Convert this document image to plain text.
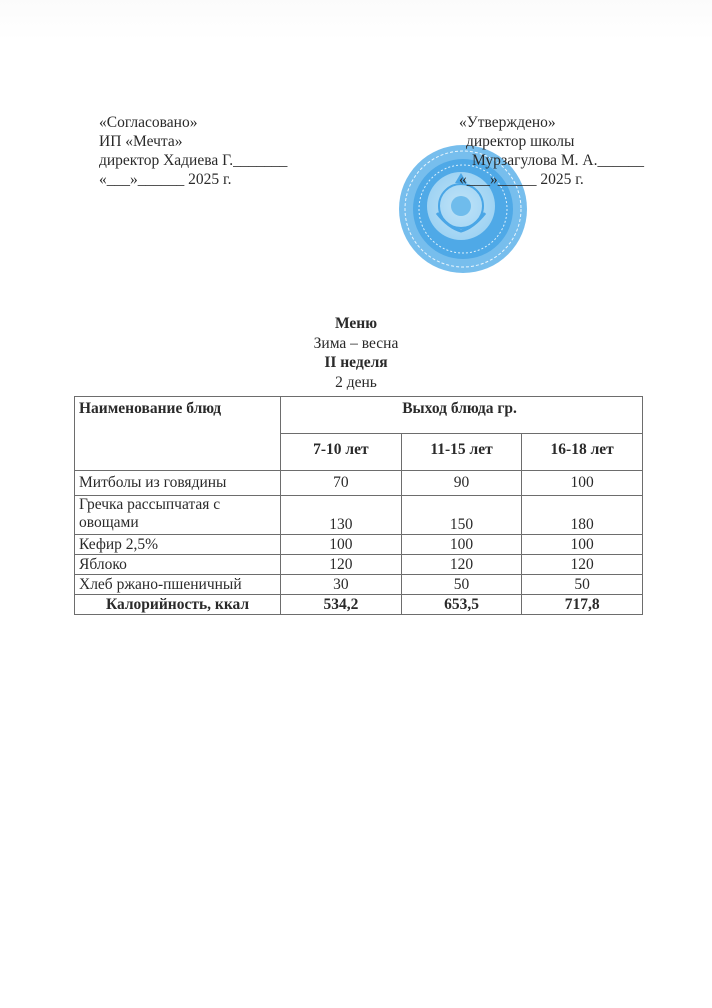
«Согласовано»
ИП «Мечта»
директор Хадиева Г._______
«___»______ 2025 г.
«Утверждено»
директор школы
Мурзагулова М. А.______
«___»_____ 2025 г.
Меню
Зима – весна
II неделя
2 день
Наименование блюд	Выход блюда гр.		
	7-10 лет	11-15 лет	16-18 лет
Митболы из говядины	70	90	100

Гречка рассыпчатая с
овощами	130	150	180
Кефир 2,5%	100	100	100
Яблоко	120	120	120
Хлеб ржано-пшеничный	30	50	50
Калорийность, ккал	534,2	653,5	717,8
